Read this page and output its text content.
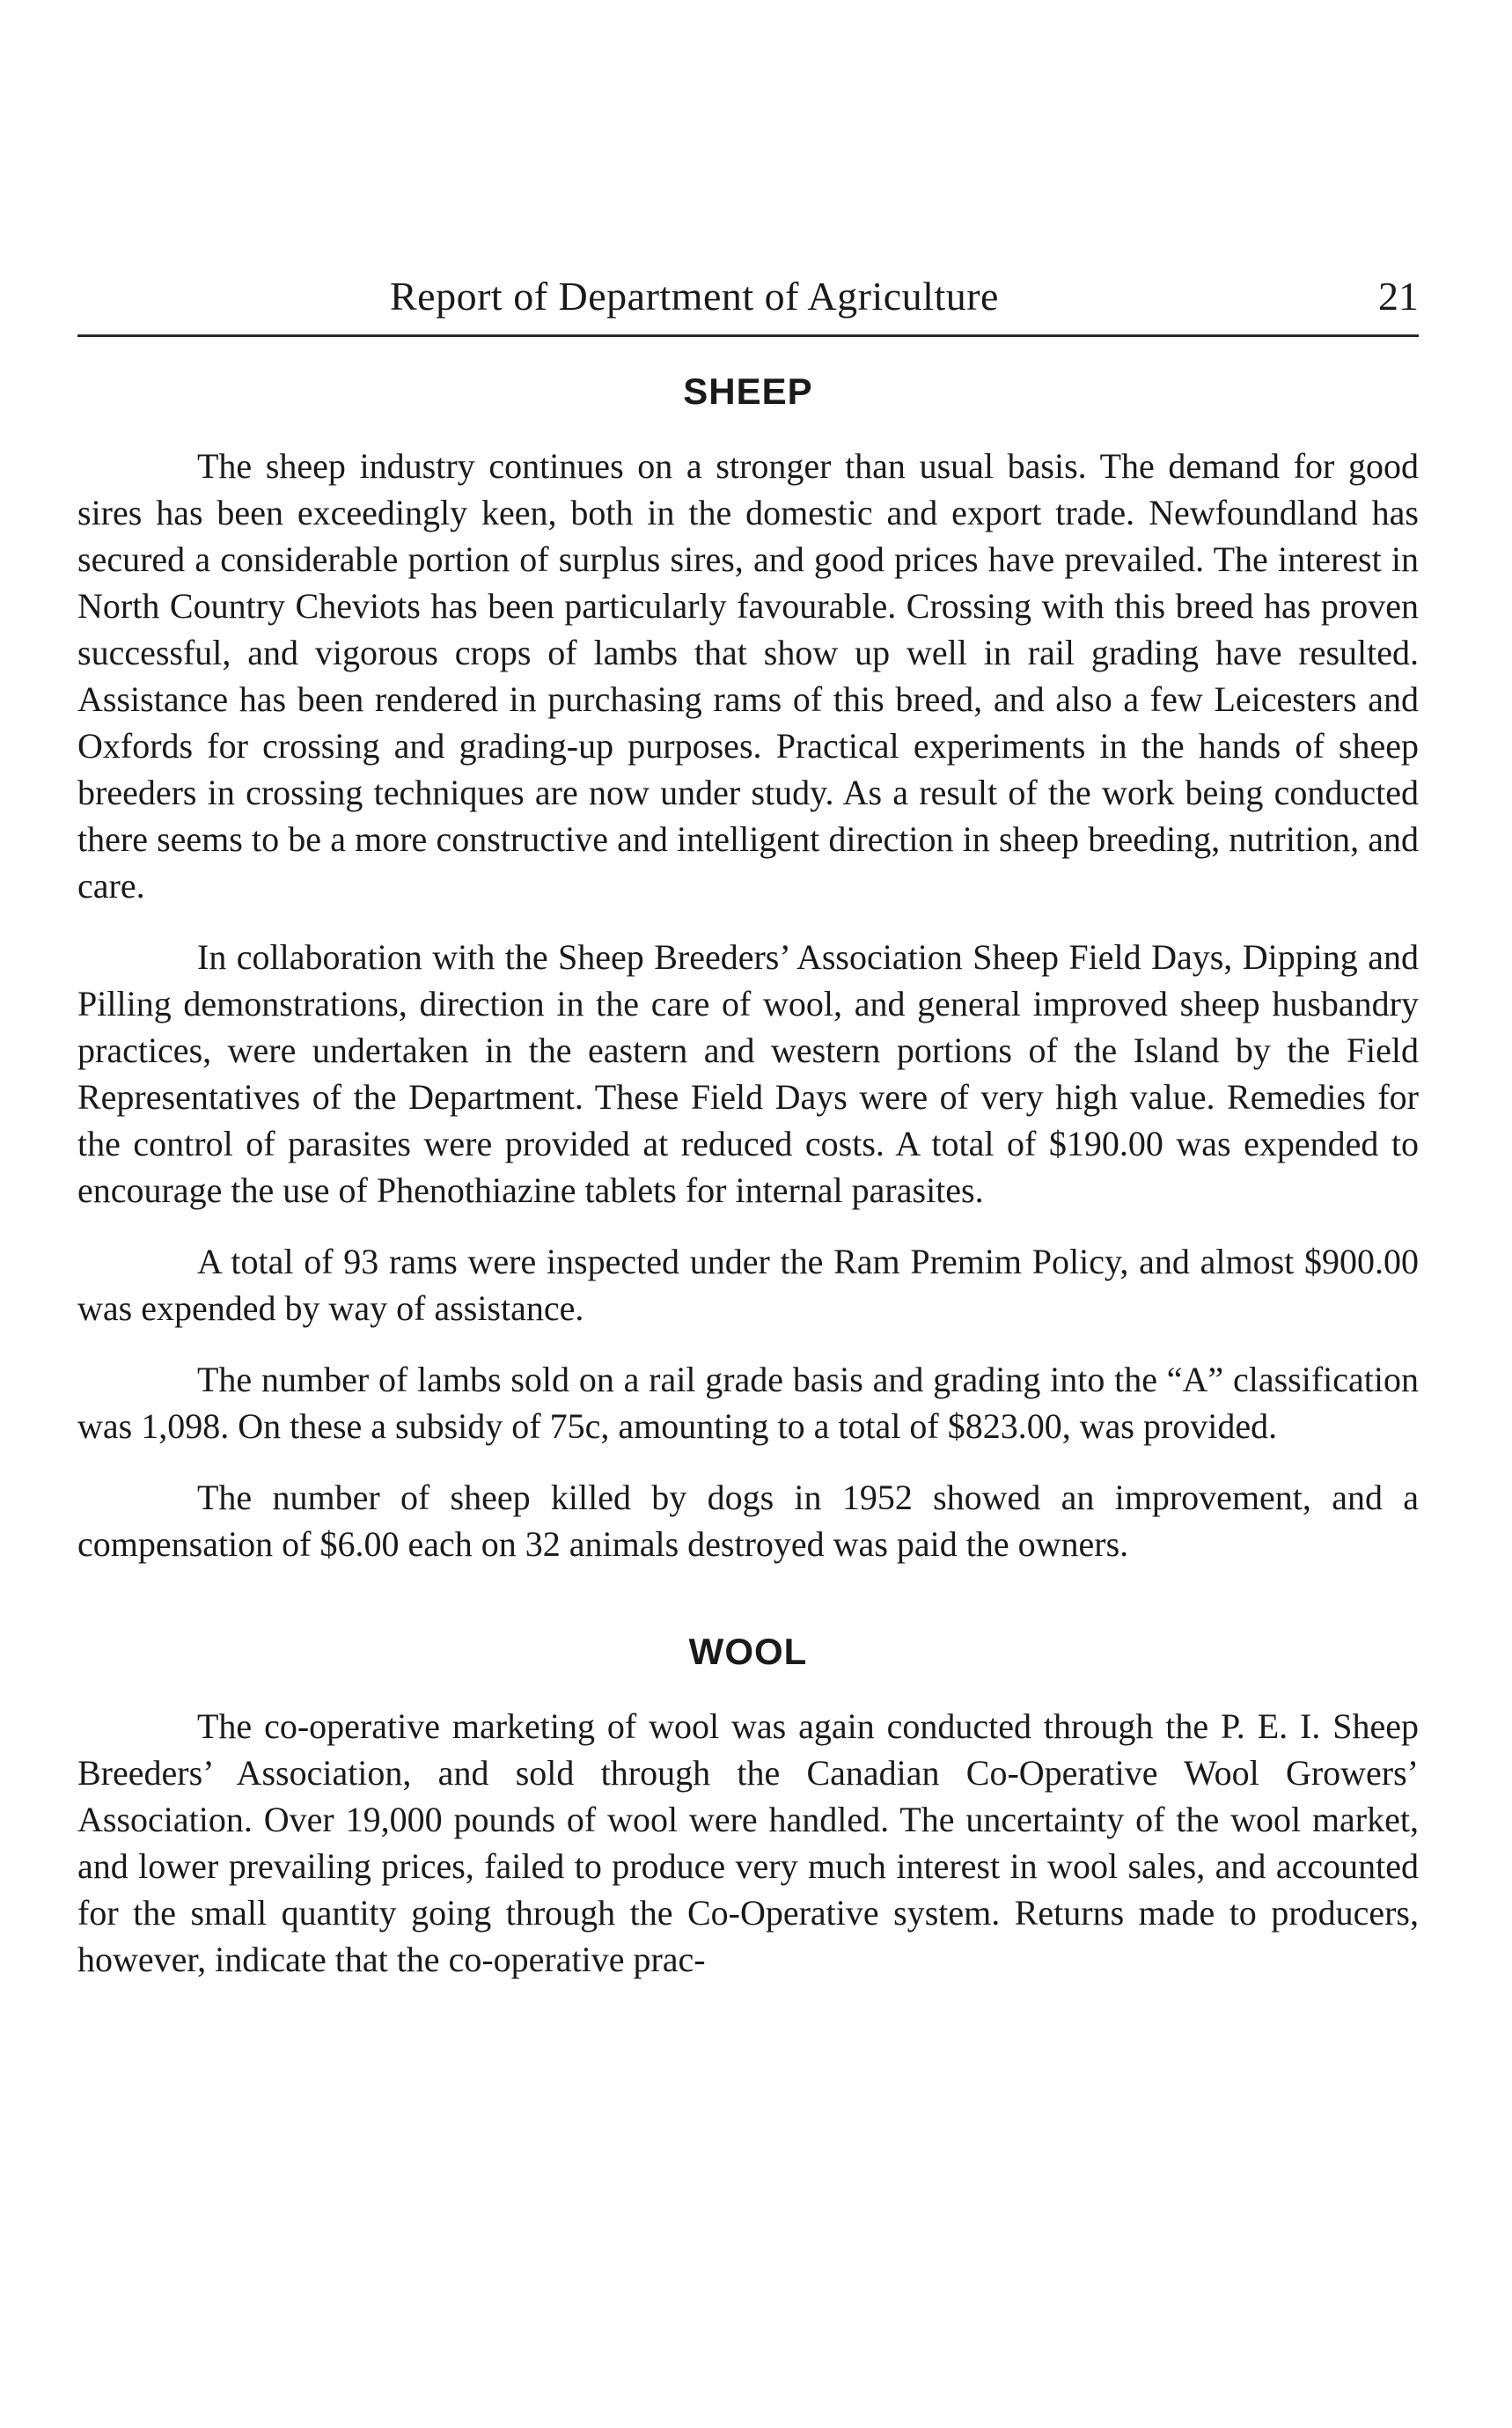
Report of Department of Agriculture	21
SHEEP

The sheep industry continues on a stronger than usual basis. The demand for good sires has been exceedingly keen, both in the domestic and export trade. Newfoundland has secured a considerable portion of surplus sires, and good prices have prevailed. The interest in North Country Cheviots has been particularly favourable. Crossing with this breed has proven successful, and vigorous crops of lambs that show up well in rail grading have resulted. Assistance has been rendered in purchasing rams of this breed, and also a few Leicesters and Oxfords for crossing and grading-up purposes. Practical experiments in the hands of sheep breeders in crossing techniques are now under study. As a result of the work being conducted there seems to be a more constructive and intelligent direction in sheep breeding, nutrition, and care.

In collaboration with the Sheep Breeders’ Association Sheep Field Days, Dipping and Pilling demonstrations, direction in the care of wool, and general improved sheep husbandry practices, were undertaken in the eastern and western portions of the Island by the Field Representatives of the Department. These Field Days were of very high value. Remedies for the control of parasites were provided at reduced costs. A total of $190.00 was expended to encourage the use of Phenothiazine tablets for internal parasites.

A total of 93 rams were inspected under the Ram Premim Policy, and almost $900.00 was expended by way of assistance.

The number of lambs sold on a rail grade basis and grading into the “A” classification was 1,098. On these a subsidy of 75c, amounting to a total of $823.00, was provided.

The number of sheep killed by dogs in 1952 showed an improvement, and a compensation of $6.00 each on 32 animals destroyed was paid the owners.

WOOL

The co-operative marketing of wool was again conducted through the P. E. I. Sheep Breeders’ Association, and sold through the Canadian Co-Operative Wool Growers’ Association. Over 19,000 pounds of wool were handled. The uncertainty of the wool market, and lower prevailing prices, failed to produce very much interest in wool sales, and accounted for the small quantity going through the Co-Operative system. Returns made to producers, however, indicate that the co-operative prac-
